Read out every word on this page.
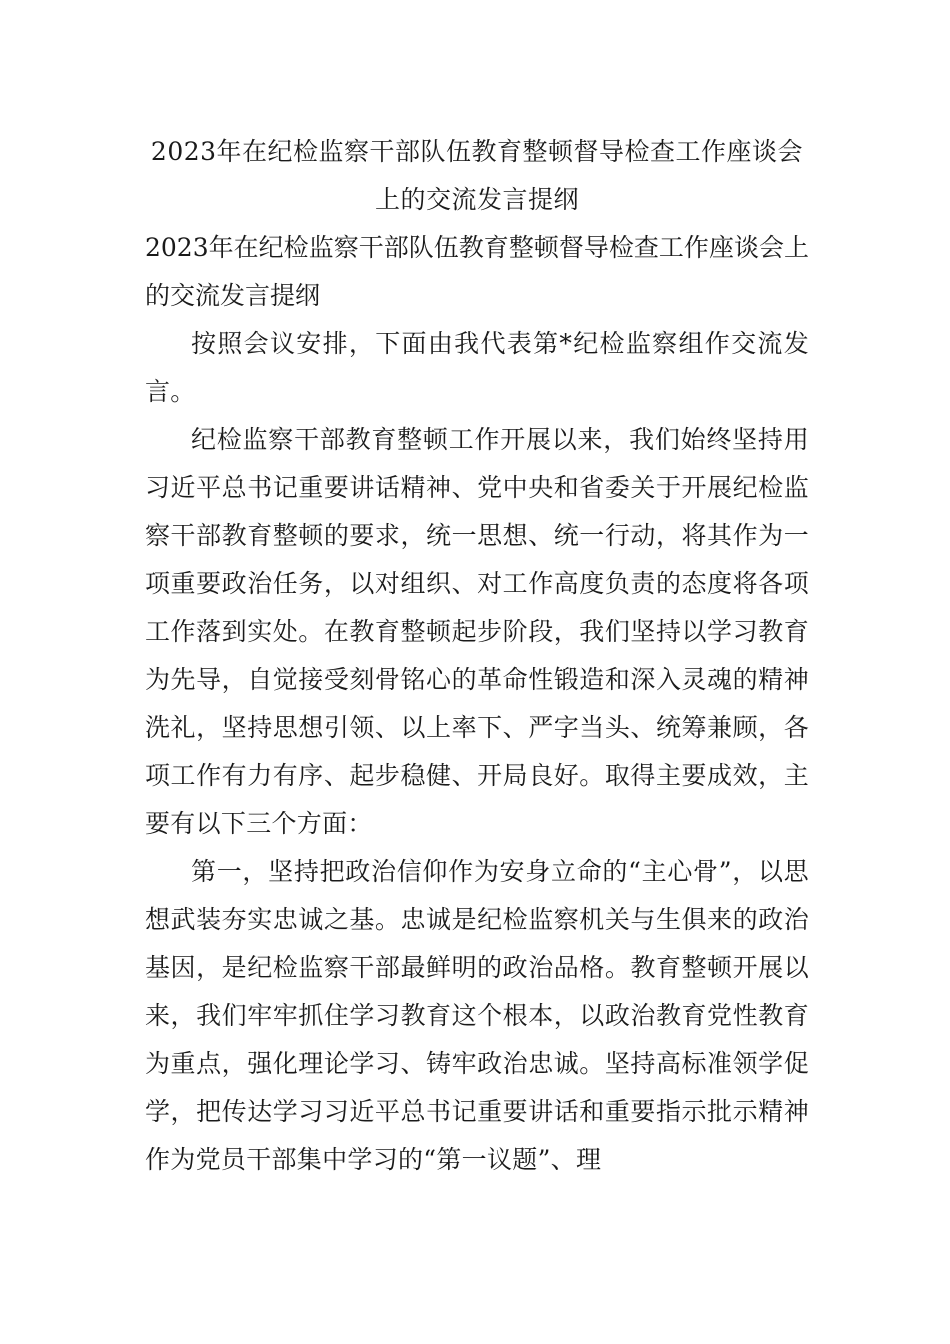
2023年在纪检监察干部队伍教育整顿督导检查工作座谈会

上的交流发言提纲

2023年在纪检监察干部队伍教育整顿督导检查工作座谈会上的交流发言提纲

按照会议安排，下面由我代表第*纪检监察组作交流发言。

纪检监察干部教育整顿工作开展以来，我们始终坚持用习近平总书记重要讲话精神、党中央和省委关于开展纪检监察干部教育整顿的要求，统一思想、统一行动，将其作为一项重要政治任务，以对组织、对工作高度负责的态度将各项工作落到实处。在教育整顿起步阶段，我们坚持以学习教育为先导，自觉接受刻骨铭心的革命性锻造和深入灵魂的精神洗礼，坚持思想引领、以上率下、严字当头、统筹兼顾，各项工作有力有序、起步稳健、开局良好。取得主要成效，主要有以下三个方面：

第一，坚持把政治信仰作为安身立命的“主心骨”，以思想武装夯实忠诚之基。忠诚是纪检监察机关与生俱来的政治基因，是纪检监察干部最鲜明的政治品格。教育整顿开展以来，我们牢牢抓住学习教育这个根本，以政治教育党性教育为重点，强化理论学习、铸牢政治忠诚。坚持高标准领学促学，把传达学习习近平总书记重要讲话和重要指示批示精神作为党员干部集中学习的“第一议题”、理
